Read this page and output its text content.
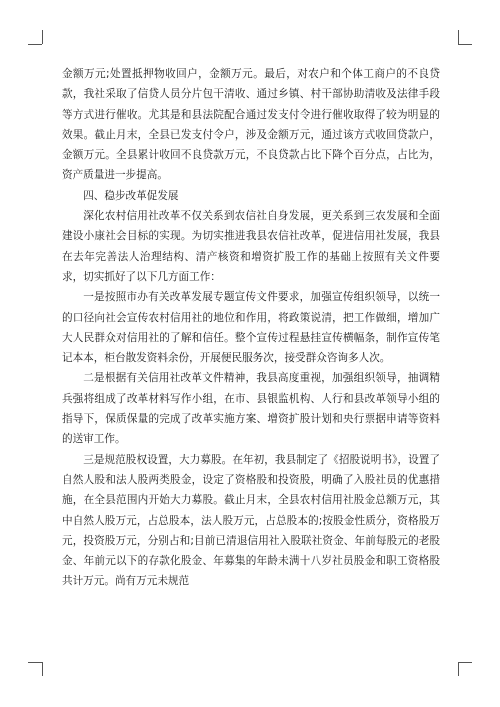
金额万元;处置抵押物收回户，金额万元。最后，对农户和个体工商户的不良贷款，我社采取了信贷人员分片包干清收、通过乡镇、村干部协助清收及法律手段等方式进行催收。尤其是和县法院配合通过发支付令进行催收取得了较为明显的效果。截止月末，全县已发支付令户，涉及金额万元，通过该方式收回贷款户，金额万元。全县累计收回不良贷款万元，不良贷款占比下降个百分点，占比为，资产质量进一步提高。

四、稳步改革促发展

深化农村信用社改革不仅关系到农信社自身发展，更关系到三农发展和全面建设小康社会目标的实现。为切实推进我县农信社改革，促进信用社发展，我县在去年完善法人治理结构、清产核资和增资扩股工作的基础上按照有关文件要求，切实抓好了以下几方面工作：

一是按照市办有关改革发展专题宣传文件要求，加强宣传组织领导，以统一的口径向社会宣传农村信用社的地位和作用，将政策说清，把工作做细，增加广大人民群众对信用社的了解和信任。整个宣传过程悬挂宣传横幅条，制作宣传笔记本本，柜台散发资料余份，开展便民服务次，接受群众咨询多人次。

二是根据有关信用社改革文件精神，我县高度重视，加强组织领导，抽调精兵强将组成了改革材料写作小组，在市、县银监机构、人行和县改革领导小组的指导下，保质保量的完成了改革实施方案、增资扩股计划和央行票据申请等资料的送审工作。

三是规范股权设置，大力募股。在年初，我县制定了《招股说明书》，设置了自然人股和法人股两类股金，设定了资格股和投资股，明确了入股社员的优惠措施，在全县范围内开始大力募股。截止月末，全县农村信用社股金总额万元，其中自然人股万元，占总股本，法人股万元，占总股本的;按股金性质分，资格股万元，投资股万元，分别占和;目前已清退信用社入股联社资金、年前每股元的老股金、年前元以下的存款化股金、年募集的年龄未满十八岁社员股金和职工资格股共计万元。尚有万元未规范
